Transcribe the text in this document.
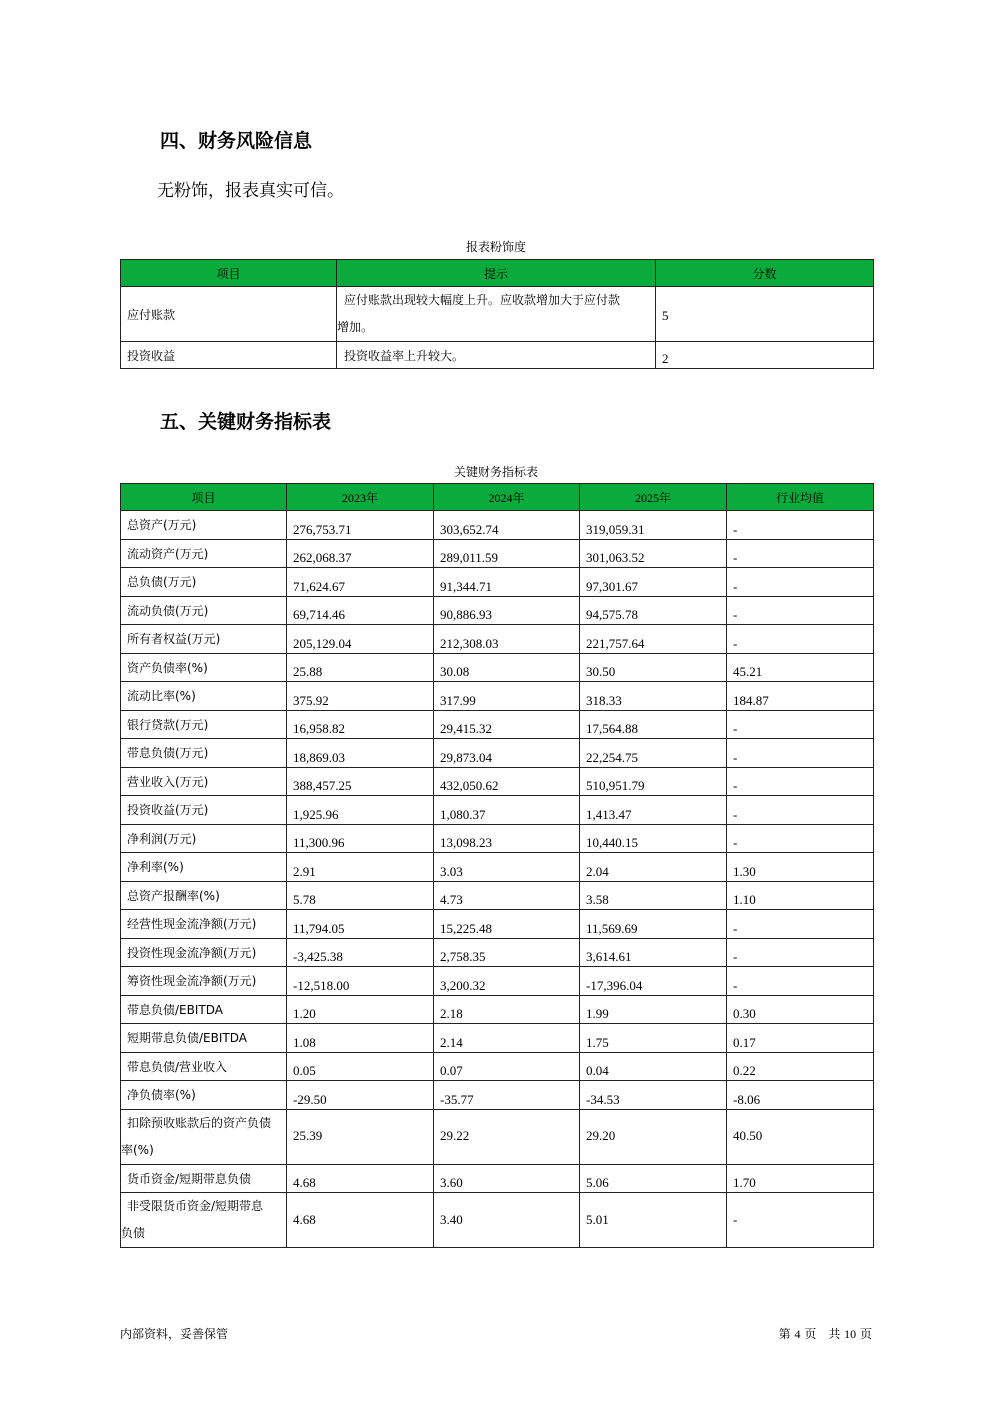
四、财务风险信息

无粉饰，报表真实可信。

报表粉饰度
项目	提示	分数
应付账款	应付账款出现较大幅度上升。应收款增加大于应付款
增加。	5
投资收益	投资收益率上升较大。	2
五、关键财务指标表
关键财务指标表
项目	2023年	2024年	2025年	行业均值
总资产(万元)	276,753.71	303,652.74	319,059.31	-
流动资产(万元)	262,068.37	289,011.59	301,063.52	-
总负债(万元)	71,624.67	91,344.71	97,301.67	-
流动负债(万元)	69,714.46	90,886.93	94,575.78	-
所有者权益(万元)	205,129.04	212,308.03	221,757.64	-
资产负债率(%)	25.88	30.08	30.50	45.21
流动比率(%)	375.92	317.99	318.33	184.87
银行贷款(万元)	16,958.82	29,415.32	17,564.88	-
带息负债(万元)	18,869.03	29,873.04	22,254.75	-
营业收入(万元)	388,457.25	432,050.62	510,951.79	-
投资收益(万元)	1,925.96	1,080.37	1,413.47	-
净利润(万元)	11,300.96	13,098.23	10,440.15	-
净利率(%)	2.91	3.03	2.04	1.30
总资产报酬率(%)	5.78	4.73	3.58	1.10
经营性现金流净额(万元)	11,794.05	15,225.48	11,569.69	-
投资性现金流净额(万元)	-3,425.38	2,758.35	3,614.61	-
筹资性现金流净额(万元)	-12,518.00	3,200.32	-17,396.04	-
带息负债/EBITDA	1.20	2.18	1.99	0.30
短期带息负债/EBITDA	1.08	2.14	1.75	0.17
带息负债/营业收入	0.05	0.07	0.04	0.22
净负债率(%)	-29.50	-35.77	-34.53	-8.06
扣除预收账款后的资产负债
率(%)	25.39	29.22	29.20	40.50
货币资金/短期带息负债	4.68	3.60	5.06	1.70
非受限货币资金/短期带息
负债	4.68	3.40	5.01	-
内部资料，妥善保管	第 4 页　共 10 页
